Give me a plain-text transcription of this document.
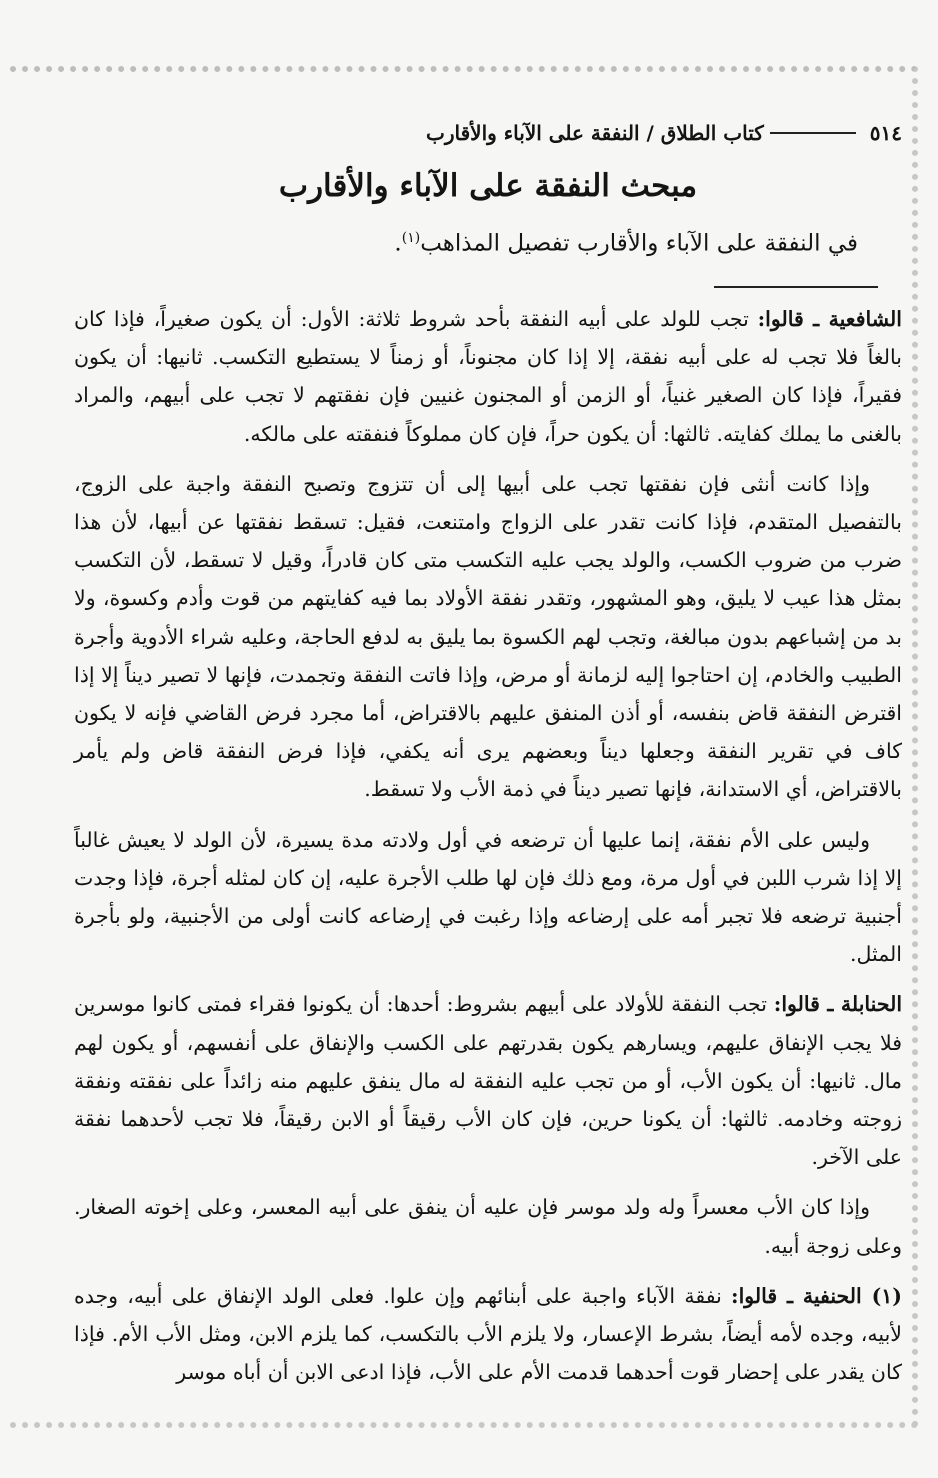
٥١٤
كتاب الطلاق / النفقة على الآباء والأقارب
مبحث النفقة على الآباء والأقارب

في النفقة على الآباء والأقارب تفصيل المذاهب$^{(١)}$.

الشافعية ـ قالوا: تجب للولد على أبيه النفقة بأحد شروط ثلاثة: الأول: أن يكون صغيراً، فإذا كان بالغاً فلا تجب له على أبيه نفقة، إلا إذا كان مجنوناً، أو زمناً لا يستطيع التكسب. ثانيها: أن يكون فقيراً، فإذا كان الصغير غنياً، أو الزمن أو المجنون غنيين فإن نفقتهم لا تجب على أبيهم، والمراد بالغنى ما يملك كفايته. ثالثها: أن يكون حراً، فإن كان مملوكاً فنفقته على مالكه.

وإذا كانت أنثى فإن نفقتها تجب على أبيها إلى أن تتزوج وتصبح النفقة واجبة على الزوج، بالتفصيل المتقدم، فإذا كانت تقدر على الزواج وامتنعت، فقيل: تسقط نفقتها عن أبيها، لأن هذا ضرب من ضروب الكسب، والولد يجب عليه التكسب متى كان قادراً، وقيل لا تسقط، لأن التكسب بمثل هذا عيب لا يليق، وهو المشهور، وتقدر نفقة الأولاد بما فيه كفايتهم من قوت وأدم وكسوة، ولا بد من إشباعهم بدون مبالغة، وتجب لهم الكسوة بما يليق به لدفع الحاجة، وعليه شراء الأدوية وأجرة الطبيب والخادم، إن احتاجوا إليه لزمانة أو مرض، وإذا فاتت النفقة وتجمدت، فإنها لا تصير ديناً إلا إذا اقترض النفقة قاض بنفسه، أو أذن المنفق عليهم بالاقتراض، أما مجرد فرض القاضي فإنه لا يكون كاف في تقرير النفقة وجعلها ديناً وبعضهم يرى أنه يكفي، فإذا فرض النفقة قاض ولم يأمر بالاقتراض، أي الاستدانة، فإنها تصير ديناً في ذمة الأب ولا تسقط.

وليس على الأم نفقة، إنما عليها أن ترضعه في أول ولادته مدة يسيرة، لأن الولد لا يعيش غالباً إلا إذا شرب اللبن في أول مرة، ومع ذلك فإن لها طلب الأجرة عليه، إن كان لمثله أجرة، فإذا وجدت أجنبية ترضعه فلا تجبر أمه على إرضاعه وإذا رغبت في إرضاعه كانت أولى من الأجنبية، ولو بأجرة المثل.

الحنابلة ـ قالوا: تجب النفقة للأولاد على أبيهم بشروط: أحدها: أن يكونوا فقراء فمتى كانوا موسرين فلا يجب الإنفاق عليهم، ويسارهم يكون بقدرتهم على الكسب والإنفاق على أنفسهم، أو يكون لهم مال. ثانيها: أن يكون الأب، أو من تجب عليه النفقة له مال ينفق عليهم منه زائداً على نفقته ونفقة زوجته وخادمه. ثالثها: أن يكونا حرين، فإن كان الأب رقيقاً أو الابن رقيقاً، فلا تجب لأحدهما نفقة على الآخر.

وإذا كان الأب معسراً وله ولد موسر فإن عليه أن ينفق على أبيه المعسر، وعلى إخوته الصغار. وعلى زوجة أبيه.

(١) الحنفية ـ قالوا: نفقة الآباء واجبة على أبنائهم وإن علوا. فعلى الولد الإنفاق على أبيه، وجده لأبيه، وجده لأمه أيضاً، بشرط الإعسار، ولا يلزم الأب بالتكسب، كما يلزم الابن، ومثل الأب الأم. فإذا كان يقدر على إحضار قوت أحدهما قدمت الأم على الأب، فإذا ادعى الابن أن أباه موسر
